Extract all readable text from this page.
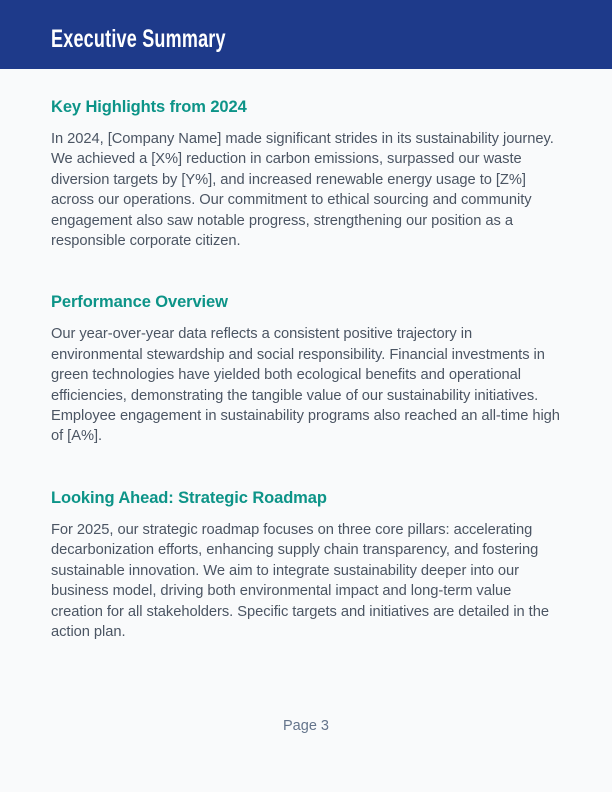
Executive Summary
Key Highlights from 2024

In 2024, [Company Name] made significant strides in its sustainability journey. We achieved a [X%] reduction in carbon emissions, surpassed our waste diversion targets by [Y%], and increased renewable energy usage to [Z%] across our operations. Our commitment to ethical sourcing and community engagement also saw notable progress, strengthening our position as a responsible corporate citizen.

Performance Overview

Our year-over-year data reflects a consistent positive trajectory in environmental stewardship and social responsibility. Financial investments in green technologies have yielded both ecological benefits and operational efficiencies, demonstrating the tangible value of our sustainability initiatives. Employee engagement in sustainability programs also reached an all-time high of [A%].

Looking Ahead: Strategic Roadmap

For 2025, our strategic roadmap focuses on three core pillars: accelerating decarbonization efforts, enhancing supply chain transparency, and fostering sustainable innovation. We aim to integrate sustainability deeper into our business model, driving both environmental impact and long-term value creation for all stakeholders. Specific targets and initiatives are detailed in the action plan.

Page 3
